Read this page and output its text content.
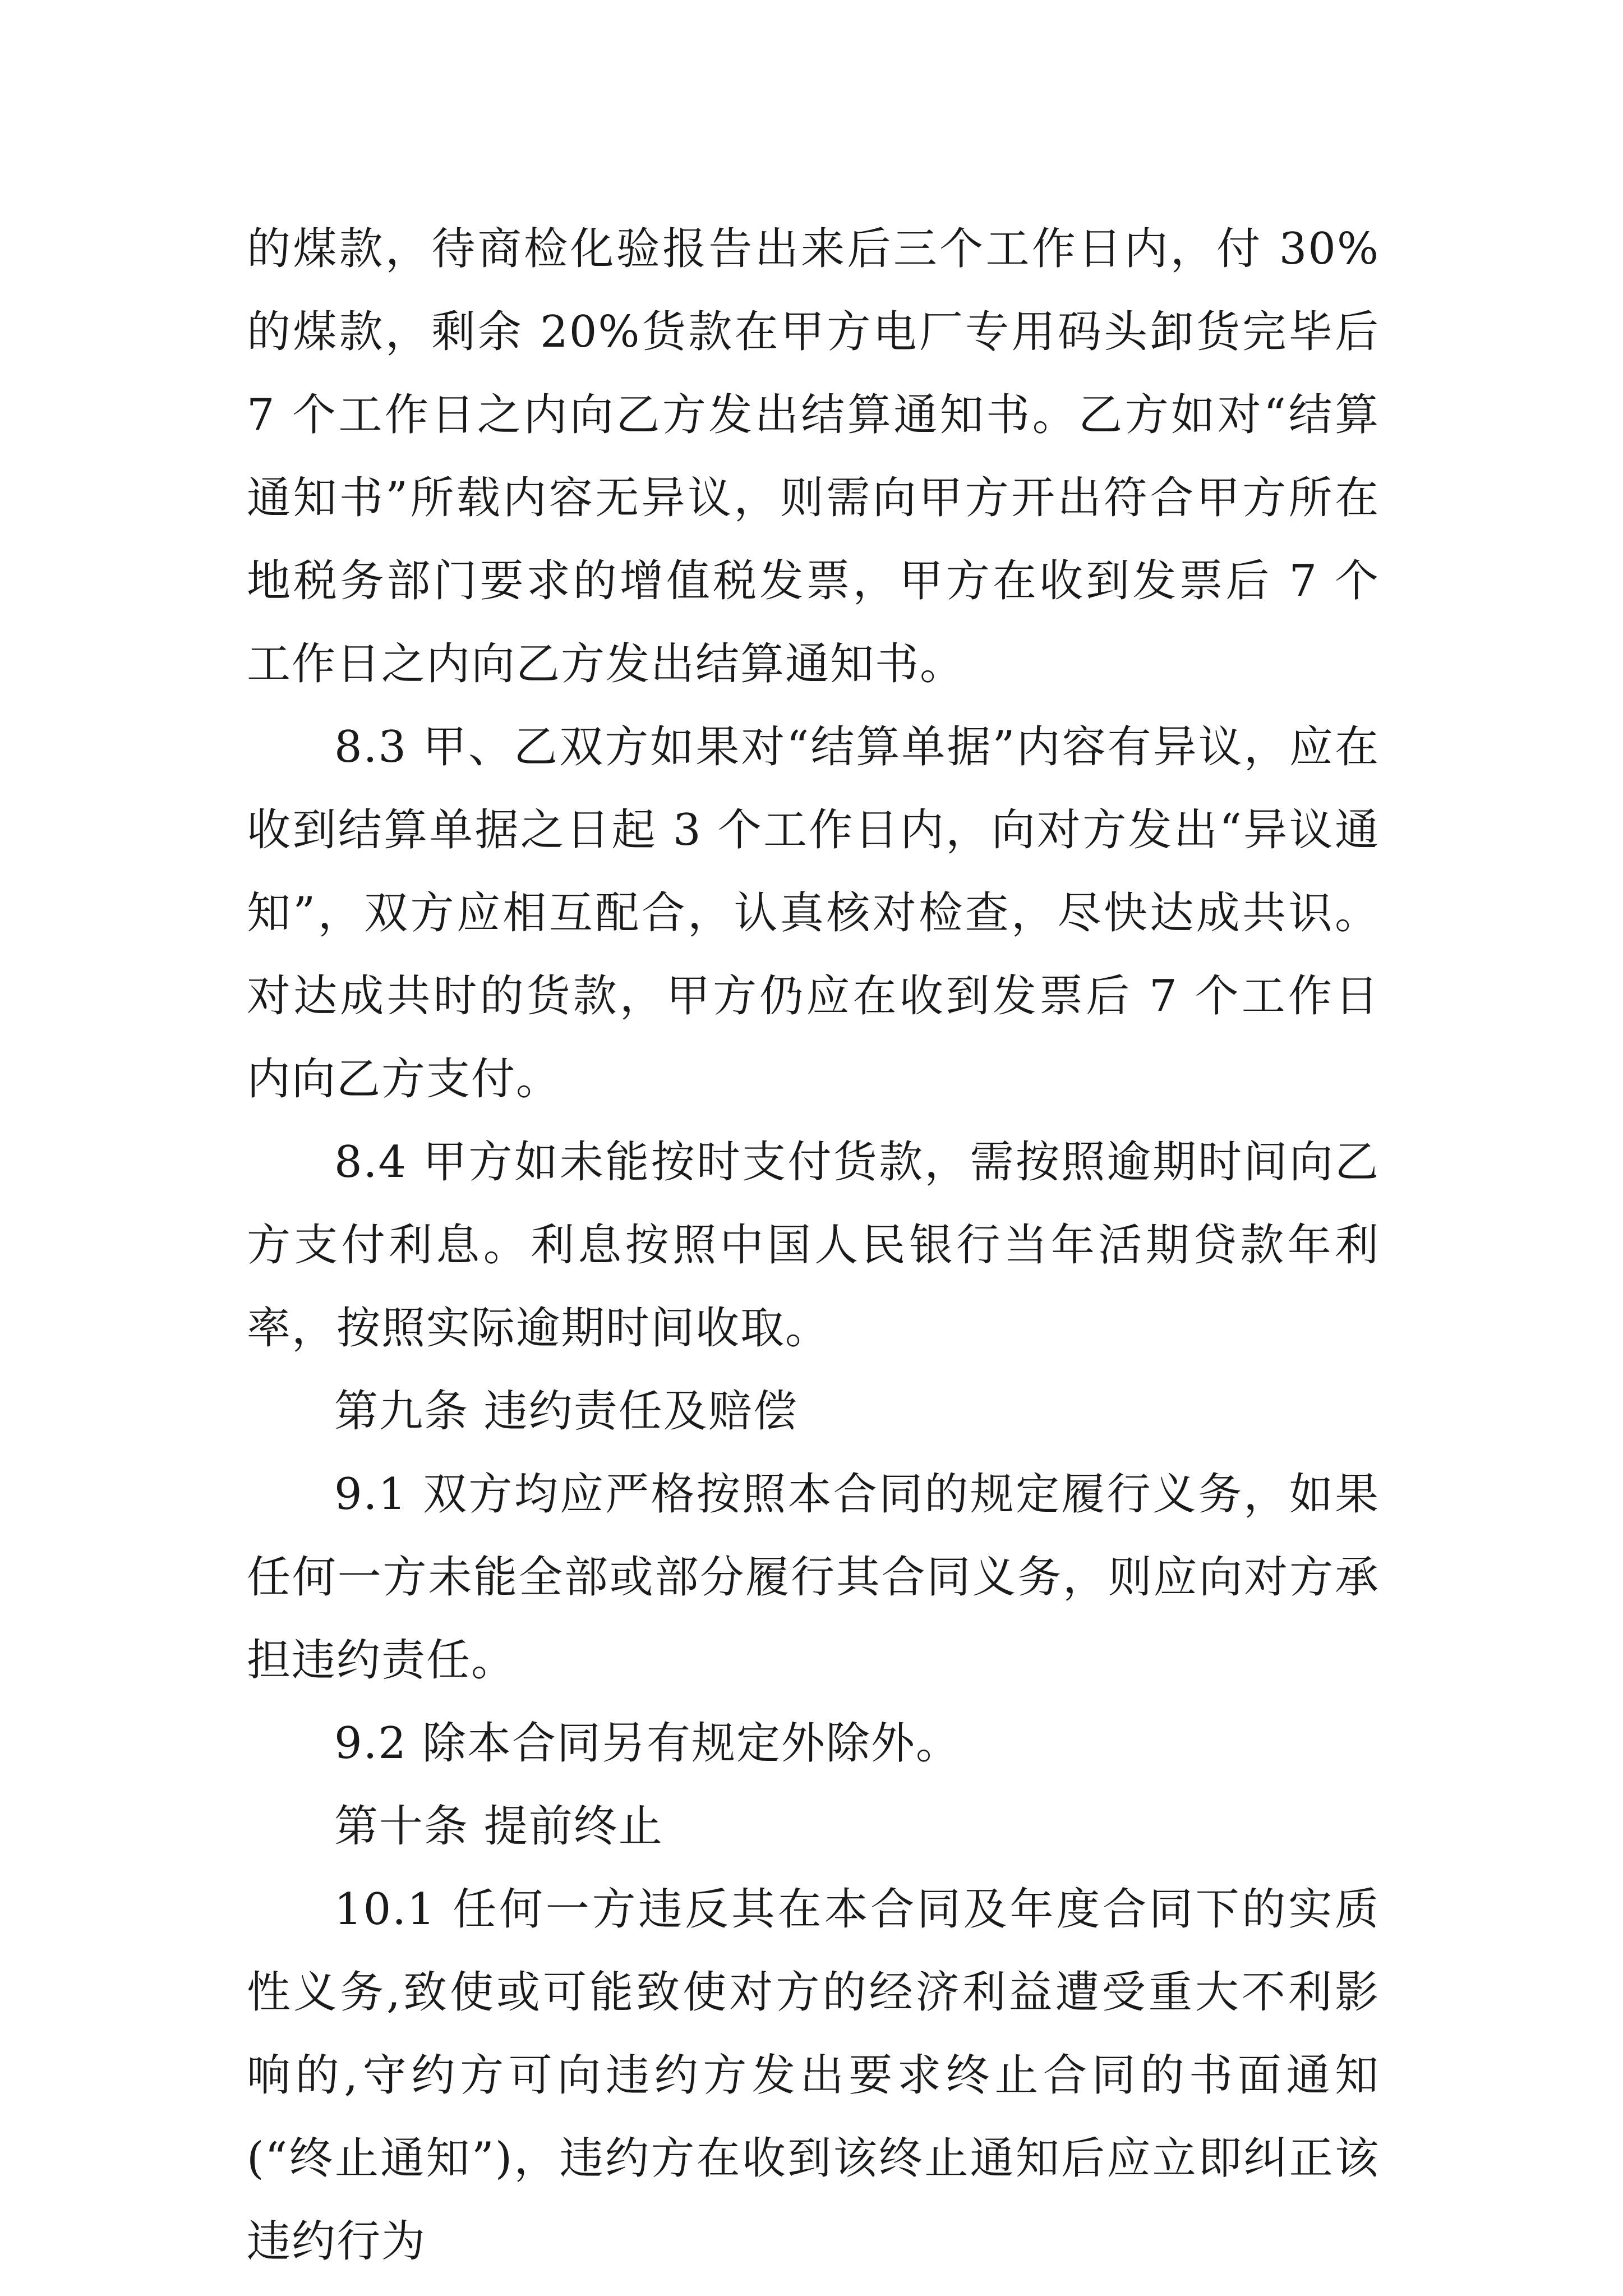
的煤款，待商检化验报告出来后三个工作日内，付 30%的煤款，剩余 20%货款在甲方电厂专用码头卸货完毕后 7 个工作日之内向乙方发出结算通知书。乙方如对“结算通知书”所载内容无异议，则需向甲方开出符合甲方所在地税务部门要求的增值税发票，甲方在收到发票后 7 个工作日之内向乙方发出结算通知书。

8.3 甲、乙双方如果对“结算单据”内容有异议，应在收到结算单据之日起 3 个工作日内，向对方发出“异议通知”，双方应相互配合，认真核对检查，尽快达成共识。对达成共时的货款，甲方仍应在收到发票后 7 个工作日内向乙方支付。

8.4 甲方如未能按时支付货款，需按照逾期时间向乙方支付利息。利息按照中国人民银行当年活期贷款年利率，按照实际逾期时间收取。

第九条 违约责任及赔偿

9.1 双方均应严格按照本合同的规定履行义务，如果任何一方未能全部或部分履行其合同义务，则应向对方承担违约责任。

9.2 除本合同另有规定外除外。

第十条 提前终止

10.1 任何一方违反其在本合同及年度合同下的实质性义务,致使或可能致使对方的经济利益遭受重大不利影响的,守约方可向违约方发出要求终止合同的书面通知(“终止通知”)，违约方在收到该终止通知后应立即纠正该违约行为
